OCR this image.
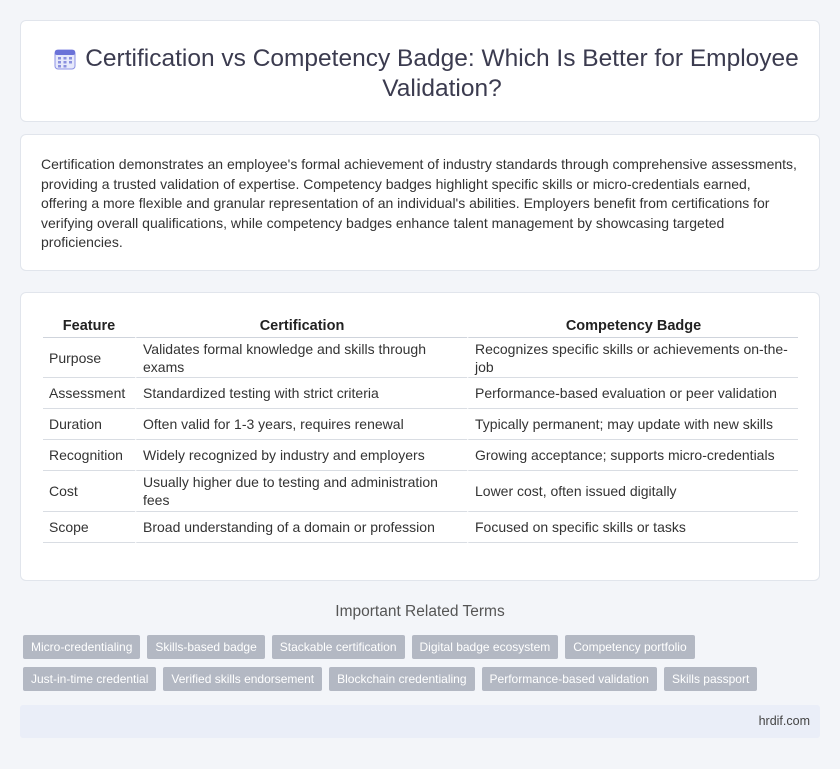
Certification vs Competency Badge: Which Is Better for Employee Validation?

Certification demonstrates an employee's formal achievement of industry standards through comprehensive assessments, providing a trusted validation of expertise. Competency badges highlight specific skills or micro-credentials earned, offering a more flexible and granular representation of an individual's abilities. Employers benefit from certifications for verifying overall qualifications, while competency badges enhance talent management by showcasing targeted proficiencies.

Feature	Certification	Competency Badge
Purpose	Validates formal knowledge and skills through exams	Recognizes specific skills or achievements on-the-job
Assessment	Standardized testing with strict criteria	Performance-based evaluation or peer validation
Duration	Often valid for 1-3 years, requires renewal	Typically permanent; may update with new skills
Recognition	Widely recognized by industry and employers	Growing acceptance; supports micro-credentials
Cost	Usually higher due to testing and administration fees	Lower cost, often issued digitally
Scope	Broad understanding of a domain or profession	Focused on specific skills or tasks
Important Related Terms
Micro-credentialing	Skills-based badge	Stackable certification	Digital badge ecosystem	Competency portfolio
Just-in-time credential	Verified skills endorsement	Blockchain credentialing	Performance-based validation	Skills passport
hrdif.com
